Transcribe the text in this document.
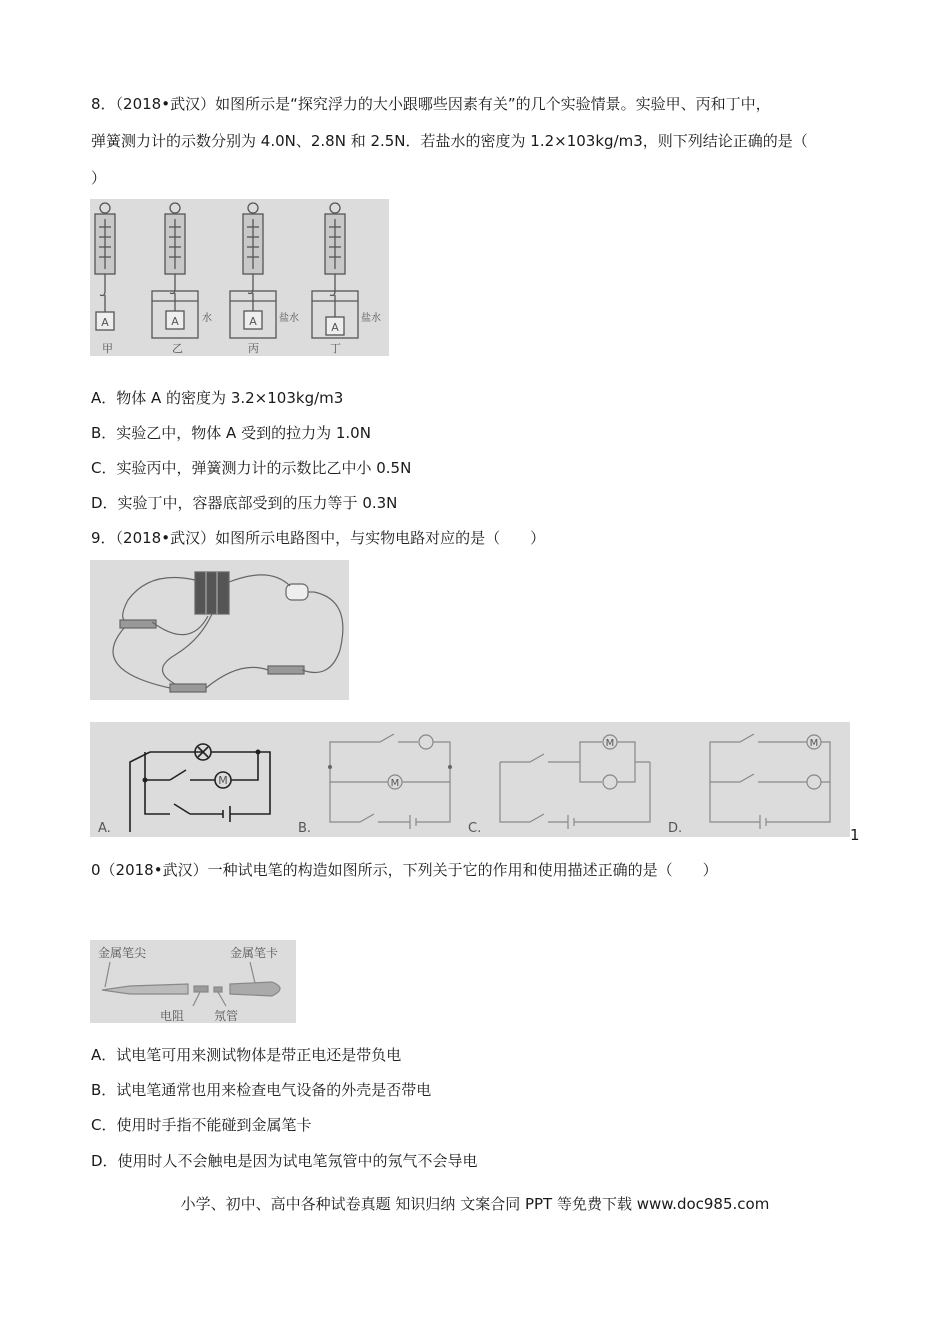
8．（2018•武汉）如图所示是“探究浮力的大小跟哪些因素有关”的几个实验情景。实验甲、丙和丁中，
弹簧测力计的示数分别为 4.0N、2.8N 和 2.5N．若盐水的密度为 1.2×103kg/m3，则下列结论正确的是（
）
A	A	A	A
水	盐水	盐水
甲	乙	丙	丁
A．物体 A 的密度为 3.2×103kg/m3
B．实验乙中，物体 A 受到的拉力为 1.0N
C．实验丙中，弹簧测力计的示数比乙中小 0.5N
D．实验丁中，容器底部受到的压力等于 0.3N
9．（2018•武汉）如图所示电路图中，与实物电路对应的是（　　）
M
A.
M
B.
M
C.
M
D.	1
0（2018•武汉）一种试电笔的构造如图所示，下列关于它的作用和使用描述正确的是（　　）
金属笔尖	金属笔卡
电阻 氖管
A．试电笔可用来测试物体是带正电还是带负电
B．试电笔通常也用来检查电气设备的外壳是否带电
C．使用时手指不能碰到金属笔卡
D．使用时人不会触电是因为试电笔氖管中的氖气不会导电
小学、初中、高中各种试卷真题 知识归纳 文案合同 PPT 等免费下载 www.doc985.com
